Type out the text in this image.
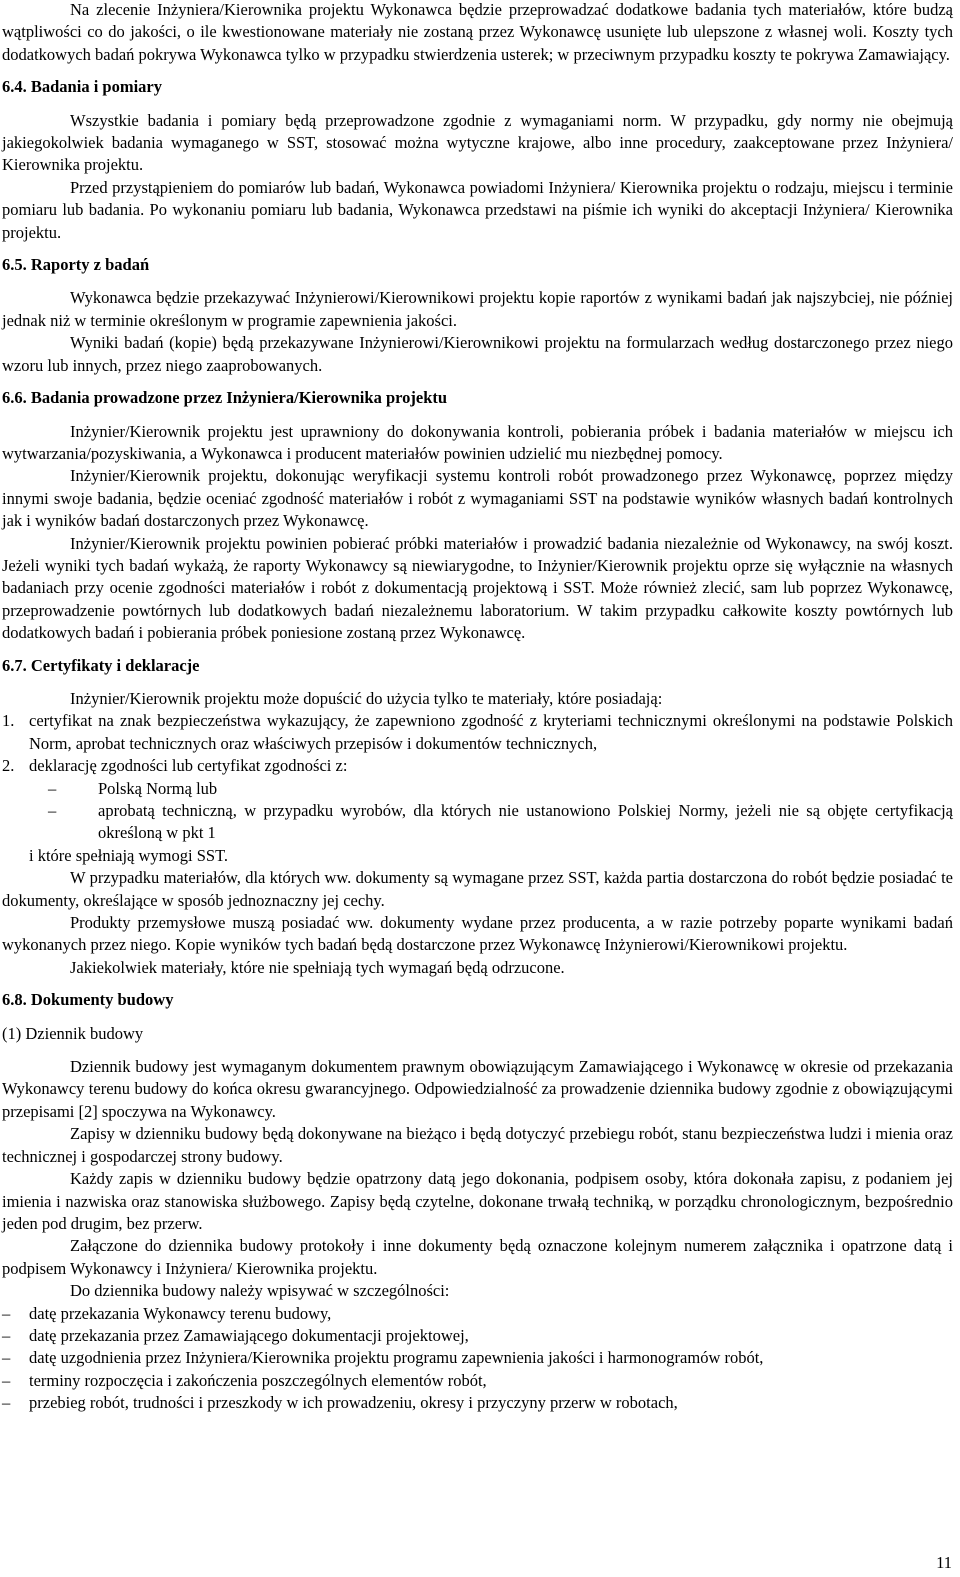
Na zlecenie Inżyniera/Kierownika projektu Wykonawca będzie przeprowadzać dodatkowe badania tych materiałów, które budzą wątpliwości co do jakości, o ile kwestionowane materiały nie zostaną przez Wykonawcę usunięte lub ulepszone z własnej woli. Koszty tych dodatkowych badań pokrywa Wykonawca tylko w przypadku stwierdzenia usterek; w przeciwnym przypadku koszty te pokrywa Zamawiający.

6.4. Badania i pomiary

Wszystkie badania i pomiary będą przeprowadzone zgodnie z wymaganiami norm. W przypadku, gdy normy nie obejmują jakiegokolwiek badania wymaganego w SST, stosować można wytyczne krajowe, albo inne procedury, zaakceptowane przez Inżyniera/ Kierownika projektu.

Przed przystąpieniem do pomiarów lub badań, Wykonawca powiadomi Inżyniera/ Kierownika projektu o rodzaju, miejscu i terminie pomiaru lub badania. Po wykonaniu pomiaru lub badania, Wykonawca przedstawi na piśmie ich wyniki do akceptacji Inżyniera/ Kierownika projektu.

6.5. Raporty z badań

Wykonawca będzie przekazywać Inżynierowi/Kierownikowi projektu kopie raportów z wynikami badań jak najszybciej, nie później jednak niż w terminie określonym w programie zapewnienia jakości.

Wyniki badań (kopie) będą przekazywane Inżynierowi/Kierownikowi projektu na formularzach według dostarczonego przez niego wzoru lub innych, przez niego zaaprobowanych.

6.6. Badania prowadzone przez Inżyniera/Kierownika projektu

Inżynier/Kierownik projektu jest uprawniony do dokonywania kontroli, pobierania próbek i badania materiałów w miejscu ich wytwarzania/pozyskiwania, a Wykonawca i producent materiałów powinien udzielić mu niezbędnej pomocy.

Inżynier/Kierownik projektu, dokonując weryfikacji systemu kontroli robót prowadzonego przez Wykonawcę, poprzez między innymi swoje badania, będzie oceniać zgodność materiałów i robót z wymaganiami SST na podstawie wyników własnych badań kontrolnych jak i wyników badań dostarczonych przez Wykonawcę.

Inżynier/Kierownik projektu powinien pobierać próbki materiałów i prowadzić badania niezależnie od Wykonawcy, na swój koszt. Jeżeli wyniki tych badań wykażą, że raporty Wykonawcy są niewiarygodne, to Inżynier/Kierownik projektu oprze się wyłącznie na własnych badaniach przy ocenie zgodności materiałów i robót z dokumentacją projektową i SST. Może również zlecić, sam lub poprzez Wykonawcę, przeprowadzenie powtórnych lub dodatkowych badań niezależnemu laboratorium. W takim przypadku całkowite koszty powtórnych lub dodatkowych badań i pobierania próbek poniesione zostaną przez Wykonawcę.

6.7. Certyfikaty i deklaracje

Inżynier/Kierownik projektu może dopuścić do użycia tylko te materiały, które posiadają:

1. certyfikat na znak bezpieczeństwa wykazujący, że zapewniono zgodność z kryteriami technicznymi określonymi na podstawie Polskich Norm, aprobat technicznych oraz właściwych przepisów i dokumentów technicznych,
2. deklarację zgodności lub certyfikat zgodności z:
–	Polską Normą lub
–	aprobatą techniczną, w przypadku wyrobów, dla których nie ustanowiono Polskiej Normy, jeżeli nie są objęte certyfikacją określoną w pkt 1

i które spełniają wymogi SST.

W przypadku materiałów, dla których ww. dokumenty są wymagane przez SST, każda partia dostarczona do robót będzie posiadać te dokumenty, określające w sposób jednoznaczny jej cechy.

Produkty przemysłowe muszą posiadać ww. dokumenty wydane przez producenta, a w razie potrzeby poparte wynikami badań wykonanych przez niego. Kopie wyników tych badań będą dostarczone przez Wykonawcę Inżynierowi/Kierownikowi projektu.

Jakiekolwiek materiały, które nie spełniają tych wymagań będą odrzucone.

6.8. Dokumenty budowy

(1) Dziennik budowy

Dziennik budowy jest wymaganym dokumentem prawnym obowiązującym Zamawiającego i Wykonawcę w okresie od przekazania Wykonawcy terenu budowy do końca okresu gwarancyjnego. Odpowiedzialność za prowadzenie dziennika budowy zgodnie z obowiązującymi przepisami [2] spoczywa na Wykonawcy.

Zapisy w dzienniku budowy będą dokonywane na bieżąco i będą dotyczyć przebiegu robót, stanu bezpieczeństwa ludzi i mienia oraz technicznej i gospodarczej strony budowy.

Każdy zapis w dzienniku budowy będzie opatrzony datą jego dokonania, podpisem osoby, która dokonała zapisu, z podaniem jej imienia i nazwiska oraz stanowiska służbowego. Zapisy będą czytelne, dokonane trwałą techniką, w porządku chronologicznym, bezpośrednio jeden pod drugim, bez przerw.

Załączone do dziennika budowy protokoły i inne dokumenty będą oznaczone kolejnym numerem załącznika i opatrzone datą i podpisem Wykonawcy i Inżyniera/ Kierownika projektu.

Do dziennika budowy należy wpisywać w szczególności:

– datę przekazania Wykonawcy terenu budowy,
– datę przekazania przez Zamawiającego dokumentacji projektowej,
– datę uzgodnienia przez Inżyniera/Kierownika projektu programu zapewnienia jakości i harmonogramów robót,
– terminy rozpoczęcia i zakończenia poszczególnych elementów robót,
– przebieg robót, trudności i przeszkody w ich prowadzeniu, okresy i przyczyny przerw w robotach,
11
